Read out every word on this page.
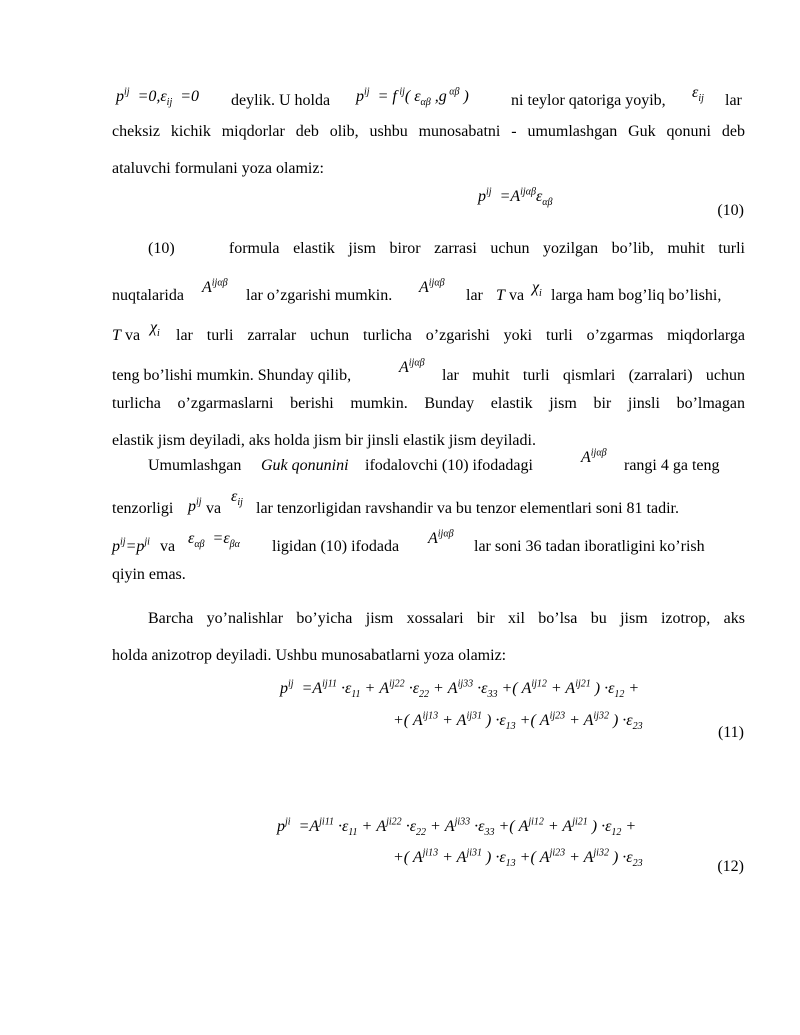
$p^{ij} =0,\varepsilon_{ij} =0$ deylik. U holda $p^{ij} = f$ $^{ij}$( $\varepsilon_{\alpha\beta}$ ,g $^{\alpha\beta}$ )	ni teylor qatoriga yoyib, $\varepsilon_{ij}$ lar
cheksiz kichik miqdorlar deb olib, ushbu munosabatni - umumlashgan Guk qonuni deb
ataluvchi formulani yoza olamiz:
$p^{ij} =A^{ij\alpha\beta}\varepsilon_{\alpha\beta}$	(10)
(10)    formula elastik jism biror zarrasi uchun yozilgan bo’lib, muhit turli
nuqtalarida $A^{ij\alpha\beta}$
lar o’zgarishi mumkin. $A^{ij\alpha\beta}$
lar T va $\chi_i$ larga ham bog’liq bo’lishi,
T va $\chi_i$ lar turli zarralar uchun turlicha o’zgarishi yoki turli o’zgarmas miqdorlarga
teng bo’lishi mumkin. Shunday qilib,	$A^{ij\alpha\beta}$
lar muhit turli qismlari (zarralari) uchun
turlicha o’zgarmaslarni berishi mumkin. Bunday elastik jism bir jinsli bo’lmagan
elastik jism deyiladi, aks holda jism bir jinsli elastik jism deyiladi.
Umumlashgan Guk qonunini ifodalovchi (10) ifodadagi	$A^{ij\alpha\beta}$
rangi 4 ga teng
tenzorligi $p^{ij}$ va
$\varepsilon_{ij}$ lar tenzorligidan ravshandir va bu tenzor elementlari soni 81 tadir.
$p^{ij}=p^{ji}$ va $\varepsilon_{\alpha\beta} =\varepsilon_{\beta\alpha}$ ligidan (10) ifodada $A^{ij\alpha\beta}$
lar soni 36 tadan iboratligini ko’rish
qiyin emas.
Barcha yo’nalishlar bo’yicha jism xossalari bir xil bo’lsa bu jism izotrop, aks
holda anizotrop deyiladi. Ushbu munosabatlarni yoza olamiz:
$p^{ij} =A^{ij11} \cdot\varepsilon_{11} + A^{ij22} \cdot\varepsilon_{22} + A^{ij33} \cdot\varepsilon_{33}$ +( $A^{ij12} + A^{ij21}$ ) $\cdot\varepsilon_{12}$ +
+( $A^{ij13} + A^{ij31}$ ) $\cdot\varepsilon_{13}$ +( $A^{ij23} + A^{ij32}$ ) $\cdot\varepsilon_{23}$	(11)
$p^{ji} =A^{ji11} \cdot\varepsilon_{11} + A^{ji22} \cdot\varepsilon_{22} + A^{ji33} \cdot\varepsilon_{33}$ +( $A^{ji12} + A^{ji21}$ ) $\cdot\varepsilon_{12}$ +
+( $A^{ji13} + A^{ji31}$ ) $\cdot\varepsilon_{13}$ +( $A^{ji23} + A^{ji32}$ ) $\cdot\varepsilon_{23}$	(12)
